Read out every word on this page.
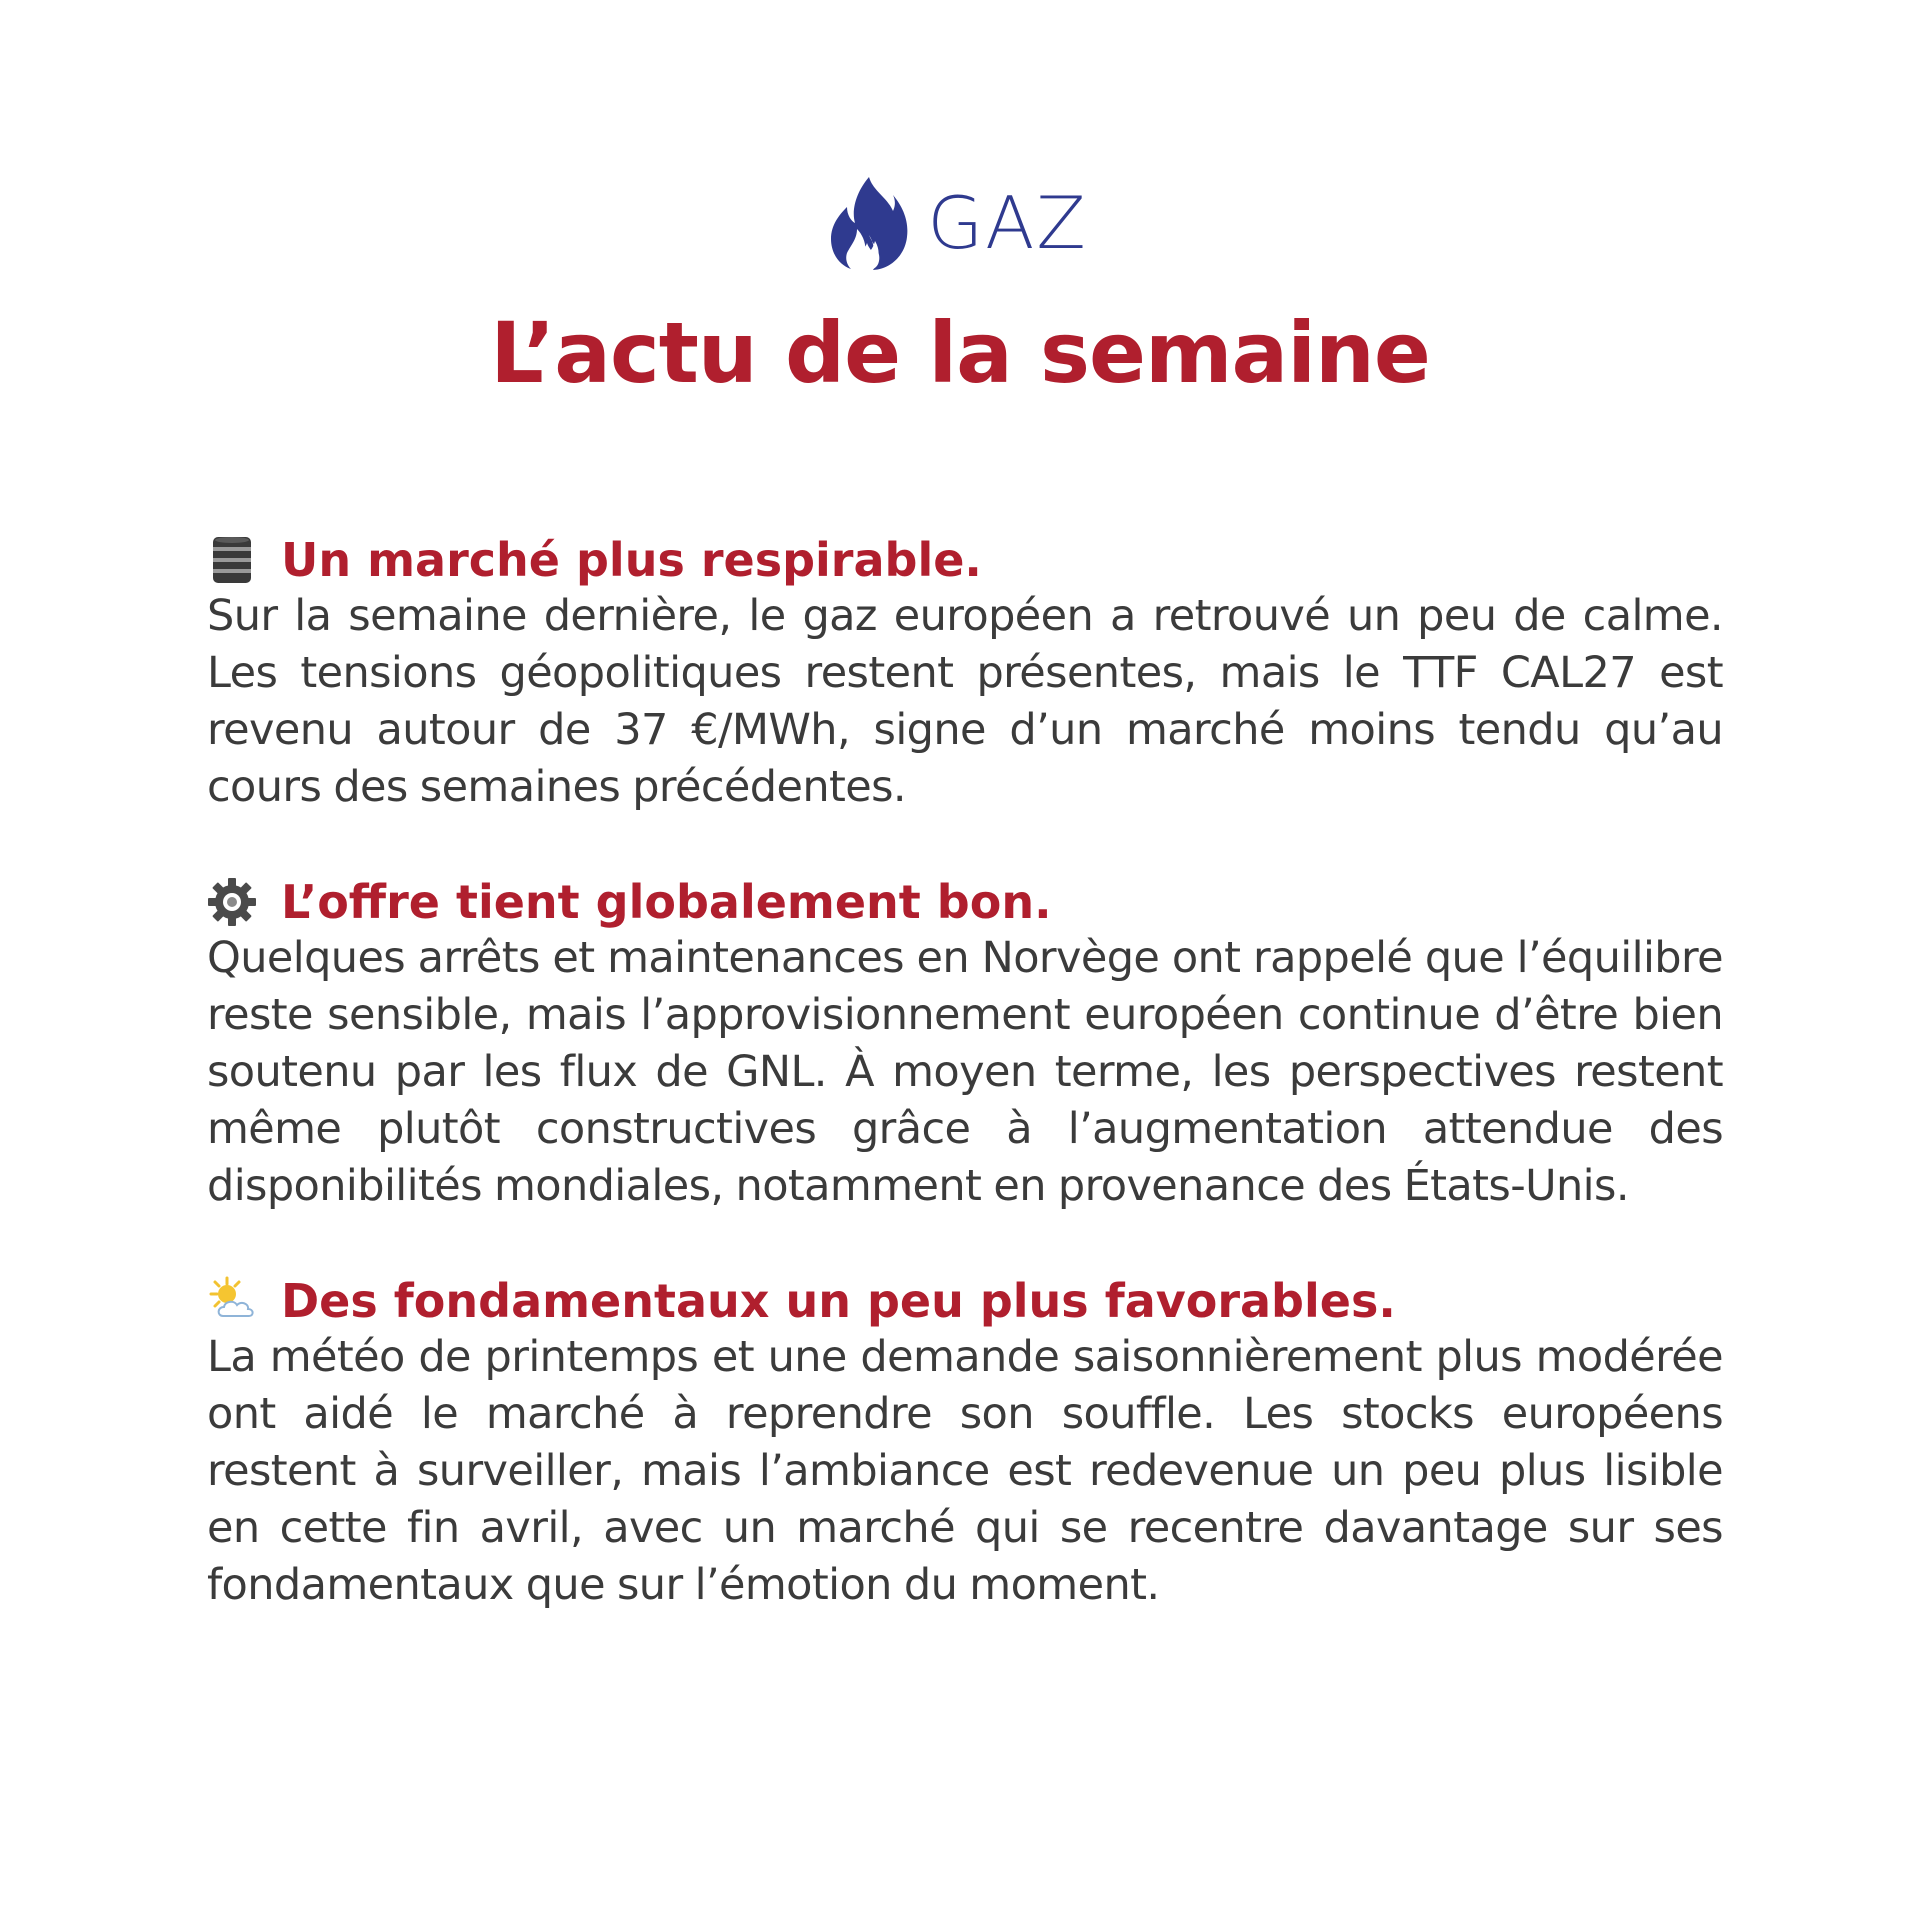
GAZ
L’actu de la semaine
Un marché plus respirable.
Sur la semaine dernière, le gaz européen a retrouvé un peu de calme. Les tensions géopolitiques restent présentes, mais le TTF CAL27 est revenu autour de 37 €/MWh, signe d’un marché moins tendu qu’au cours des semaines précédentes.
L’offre tient globalement bon.
Quelques arrêts et maintenances en Norvège ont rappelé que l’équilibre reste sensible, mais l’approvisionnement européen continue d’être bien soutenu par les flux de GNL. À moyen terme, les perspectives restent même plutôt constructives grâce à l’augmentation attendue des disponibilités mondiales, notamment en provenance des États-Unis.
Des fondamentaux un peu plus favorables.
La météo de printemps et une demande saisonnièrement plus modérée ont aidé le marché à reprendre son souffle. Les stocks européens restent à surveiller, mais l’ambiance est redevenue un peu plus lisible en cette fin avril, avec un marché qui se recentre davantage sur ses fondamentaux que sur l’émotion du moment.
